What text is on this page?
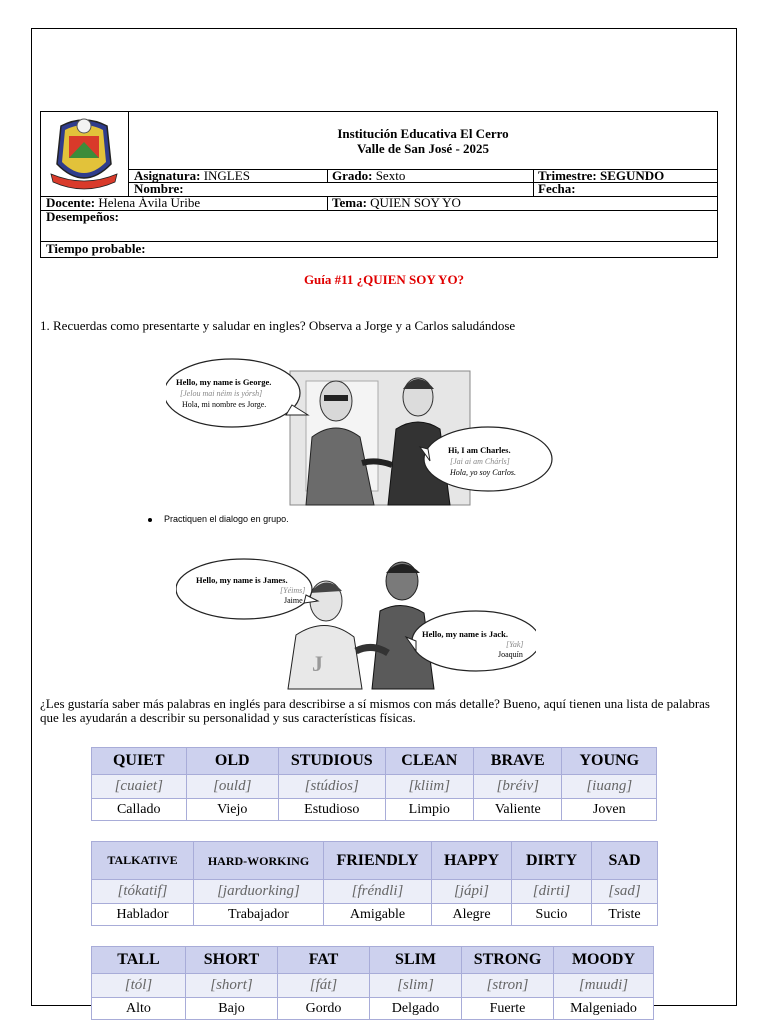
Institución Educativa El Cerro
Valle de San José - 2025
Asignatura: INGLES	Grado: Sexto	Trimestre: SEGUNDO
Nombre:	Fecha:
Docente: Helena Ávila Uribe	Tema: QUIEN SOY YO
Desempeños:
Tiempo probable:
Guía #11 ¿QUIEN SOY YO?
1. Recuerdas como presentarte y saludar en ingles? Observa a Jorge y a Carlos saludándose
Hello, my name is George.
[Jelou mai néim is yórsh]
Hola, mi nombre es Jorge.
Hi, I am Charles.
[Jai ai am Chárls]
Hola, yo soy Carlos.
Practiquen el dialogo en grupo.
J
Hello, my name is James.
[Yéims]
Jaime
Hello, my name is Jack.
[Yak]
Joaquín
¿Les gustaría saber más palabras en inglés para describirse a sí mismos con más detalle? Bueno, aquí tienen una lista de palabras que les ayudarán a describir su personalidad y sus características físicas.
QUIET	OLD	STUDIOUS	CLEAN	BRAVE	YOUNG
[cuaiet]	[ould]	[stúdios]	[kliim]	[bréiv]	[iuang]
Callado	Viejo	Estudioso	Limpio	Valiente	Joven
TALKATIVE	HARD-WORKING	FRIENDLY	HAPPY	DIRTY	SAD
[tókatif]	[jarduorking]	[fréndli]	[jápi]	[dirti]	[sad]
Hablador	Trabajador	Amigable	Alegre	Sucio	Triste
TALL	SHORT	FAT	SLIM	STRONG	MOODY
[tól]	[short]	[fát]	[slim]	[stron]	[muudi]
Alto	Bajo	Gordo	Delgado	Fuerte	Malgeniado
